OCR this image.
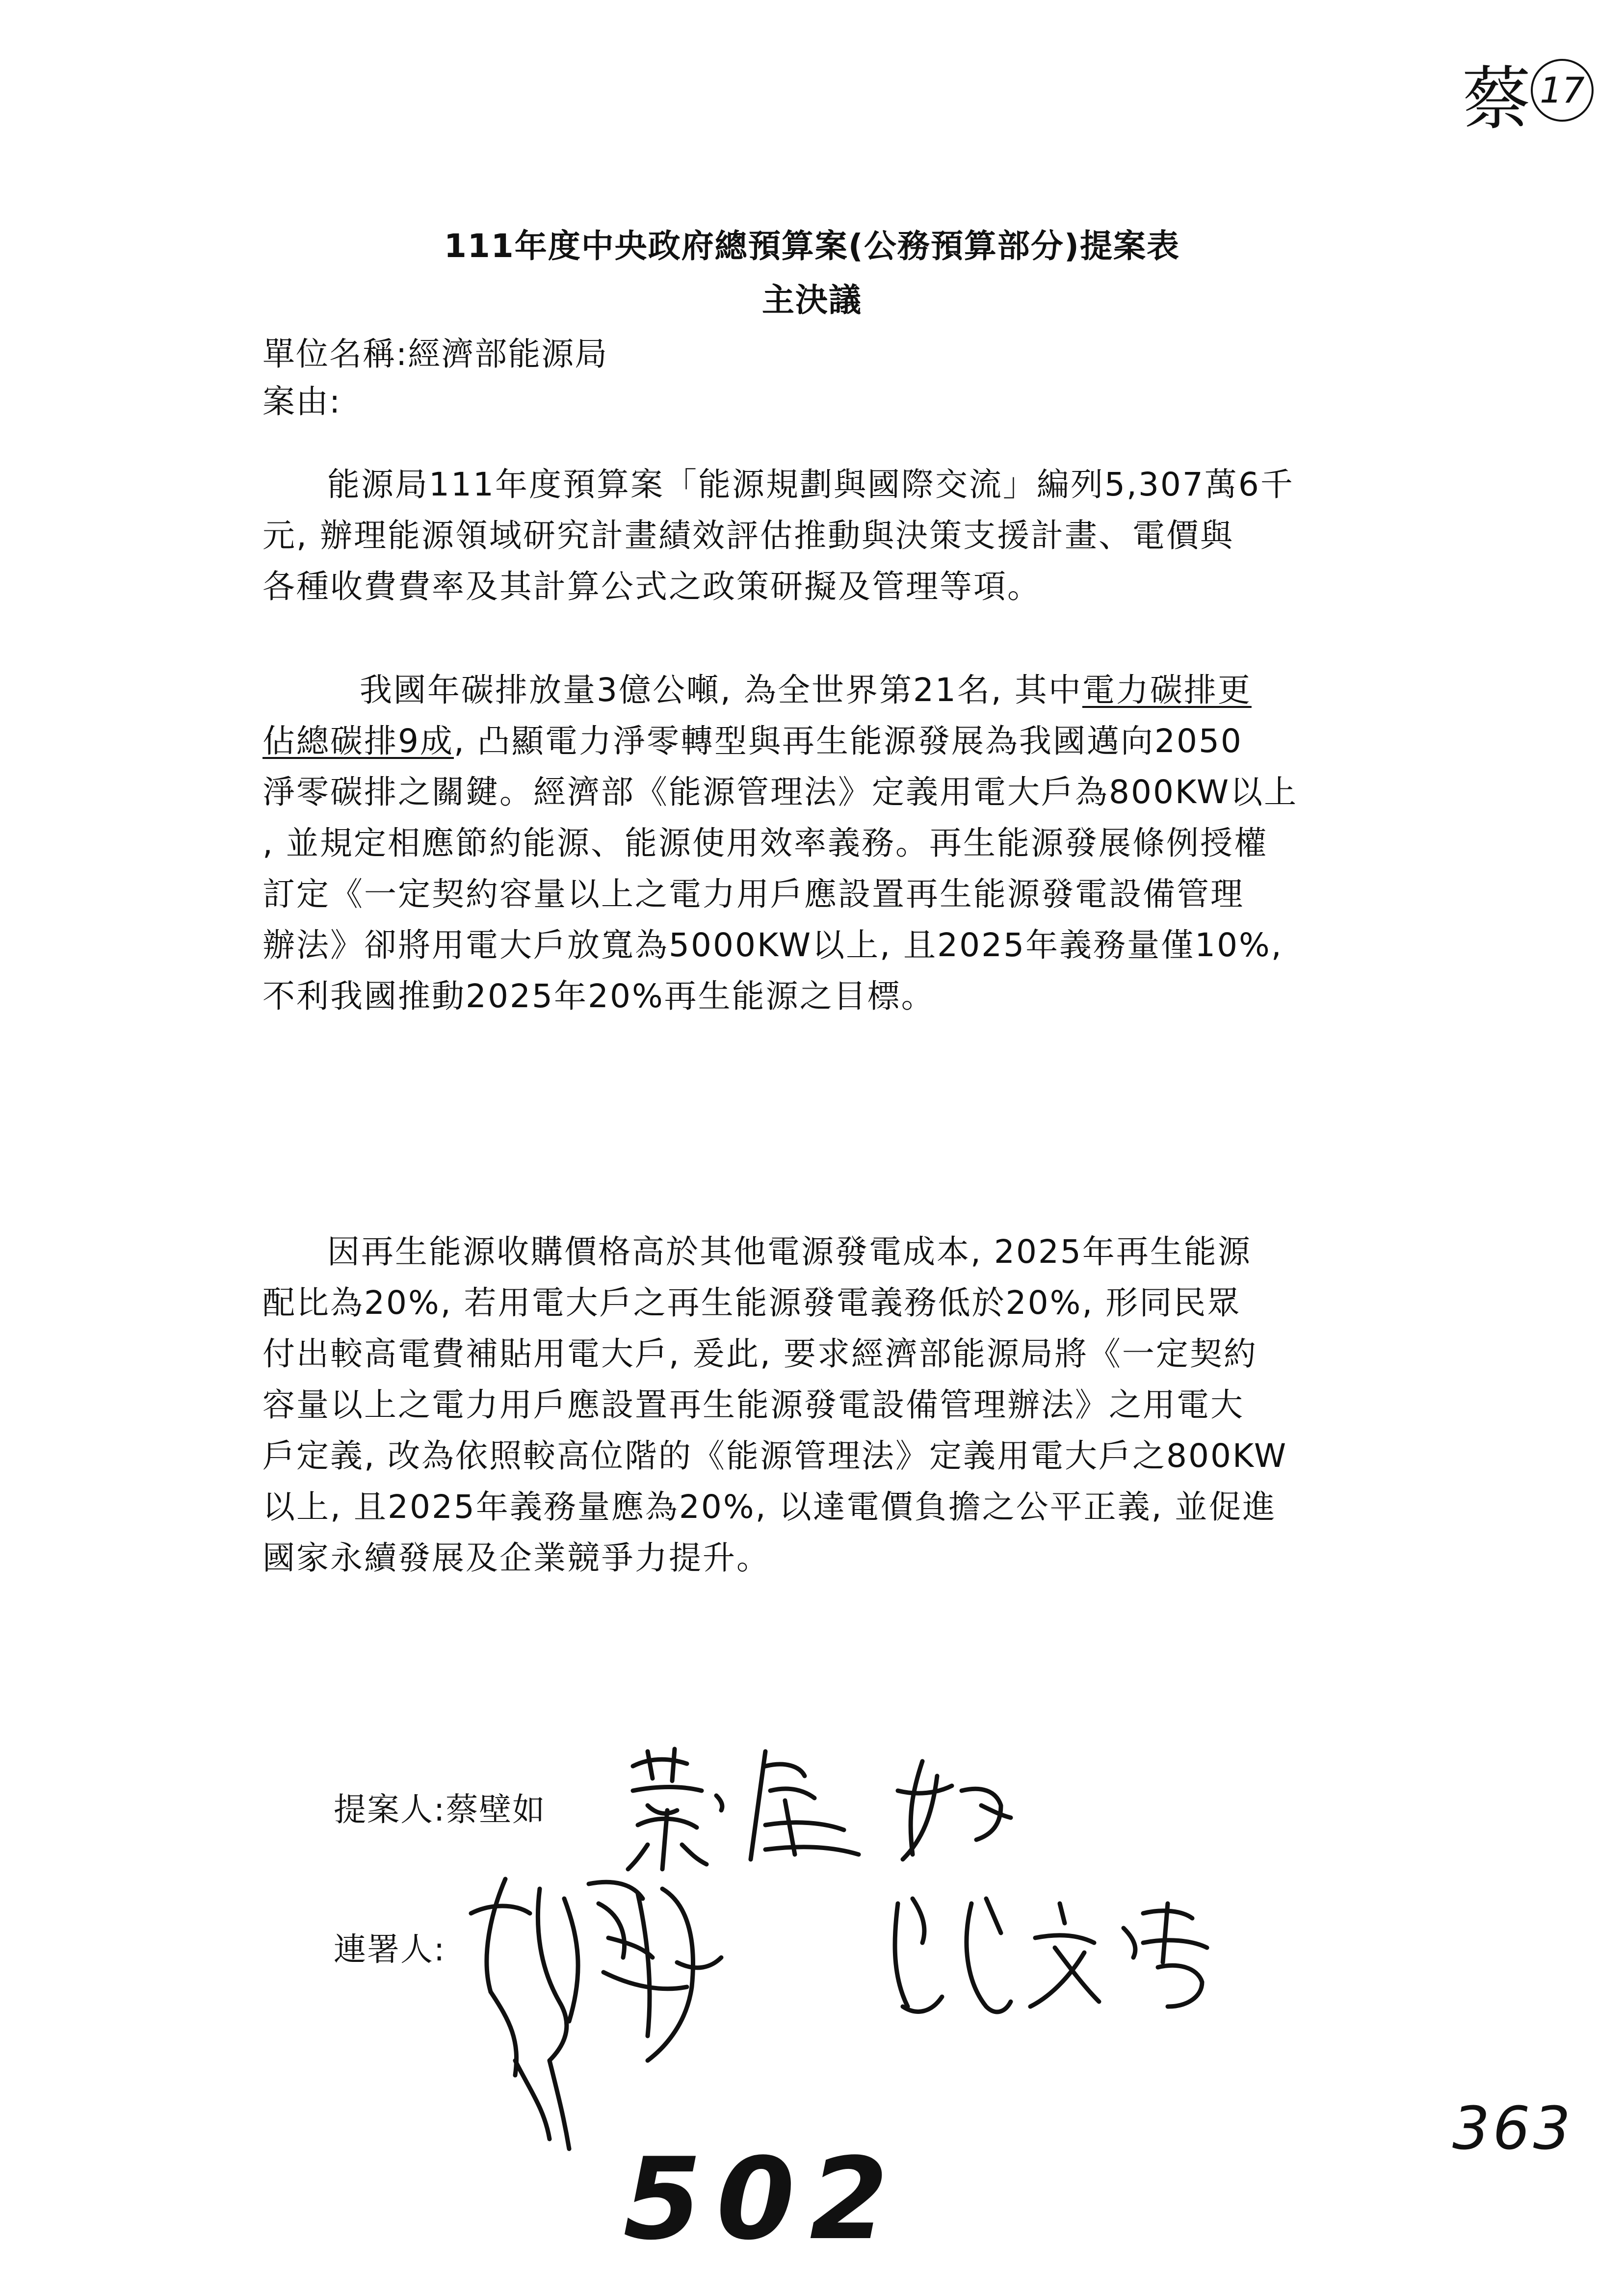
蔡 17
111年度中央政府總預算案(公務預算部分)提案表
主決議
單位名稱:經濟部能源局
案由:
能源局111年度預算案「能源規劃與國際交流」編列5,307萬6千
元, 辦理能源領域研究計畫績效評估推動與決策支援計畫、電價與
各種收費費率及其計算公式之政策研擬及管理等項。
我國年碳排放量3億公噸, 為全世界第21名, 其中電力碳排更
佔總碳排9成, 凸顯電力淨零轉型與再生能源發展為我國邁向2050
淨零碳排之關鍵。經濟部《能源管理法》定義用電大戶為800KW以上
, 並規定相應節約能源、能源使用效率義務。再生能源發展條例授權
訂定《一定契約容量以上之電力用戶應設置再生能源發電設備管理
辦法》卻將用電大戶放寬為5000KW以上, 且2025年義務量僅10%,
不利我國推動2025年20%再生能源之目標。
因再生能源收購價格高於其他電源發電成本, 2025年再生能源
配比為20%, 若用電大戶之再生能源發電義務低於20%, 形同民眾
付出較高電費補貼用電大戶, 爰此, 要求經濟部能源局將《一定契約
容量以上之電力用戶應設置再生能源發電設備管理辦法》之用電大
戶定義, 改為依照較高位階的《能源管理法》定義用電大戶之800KW
以上, 且2025年義務量應為20%, 以達電價負擔之公平正義, 並促進
國家永續發展及企業競爭力提升。
提案人:蔡壁如
連署人:
502
363
